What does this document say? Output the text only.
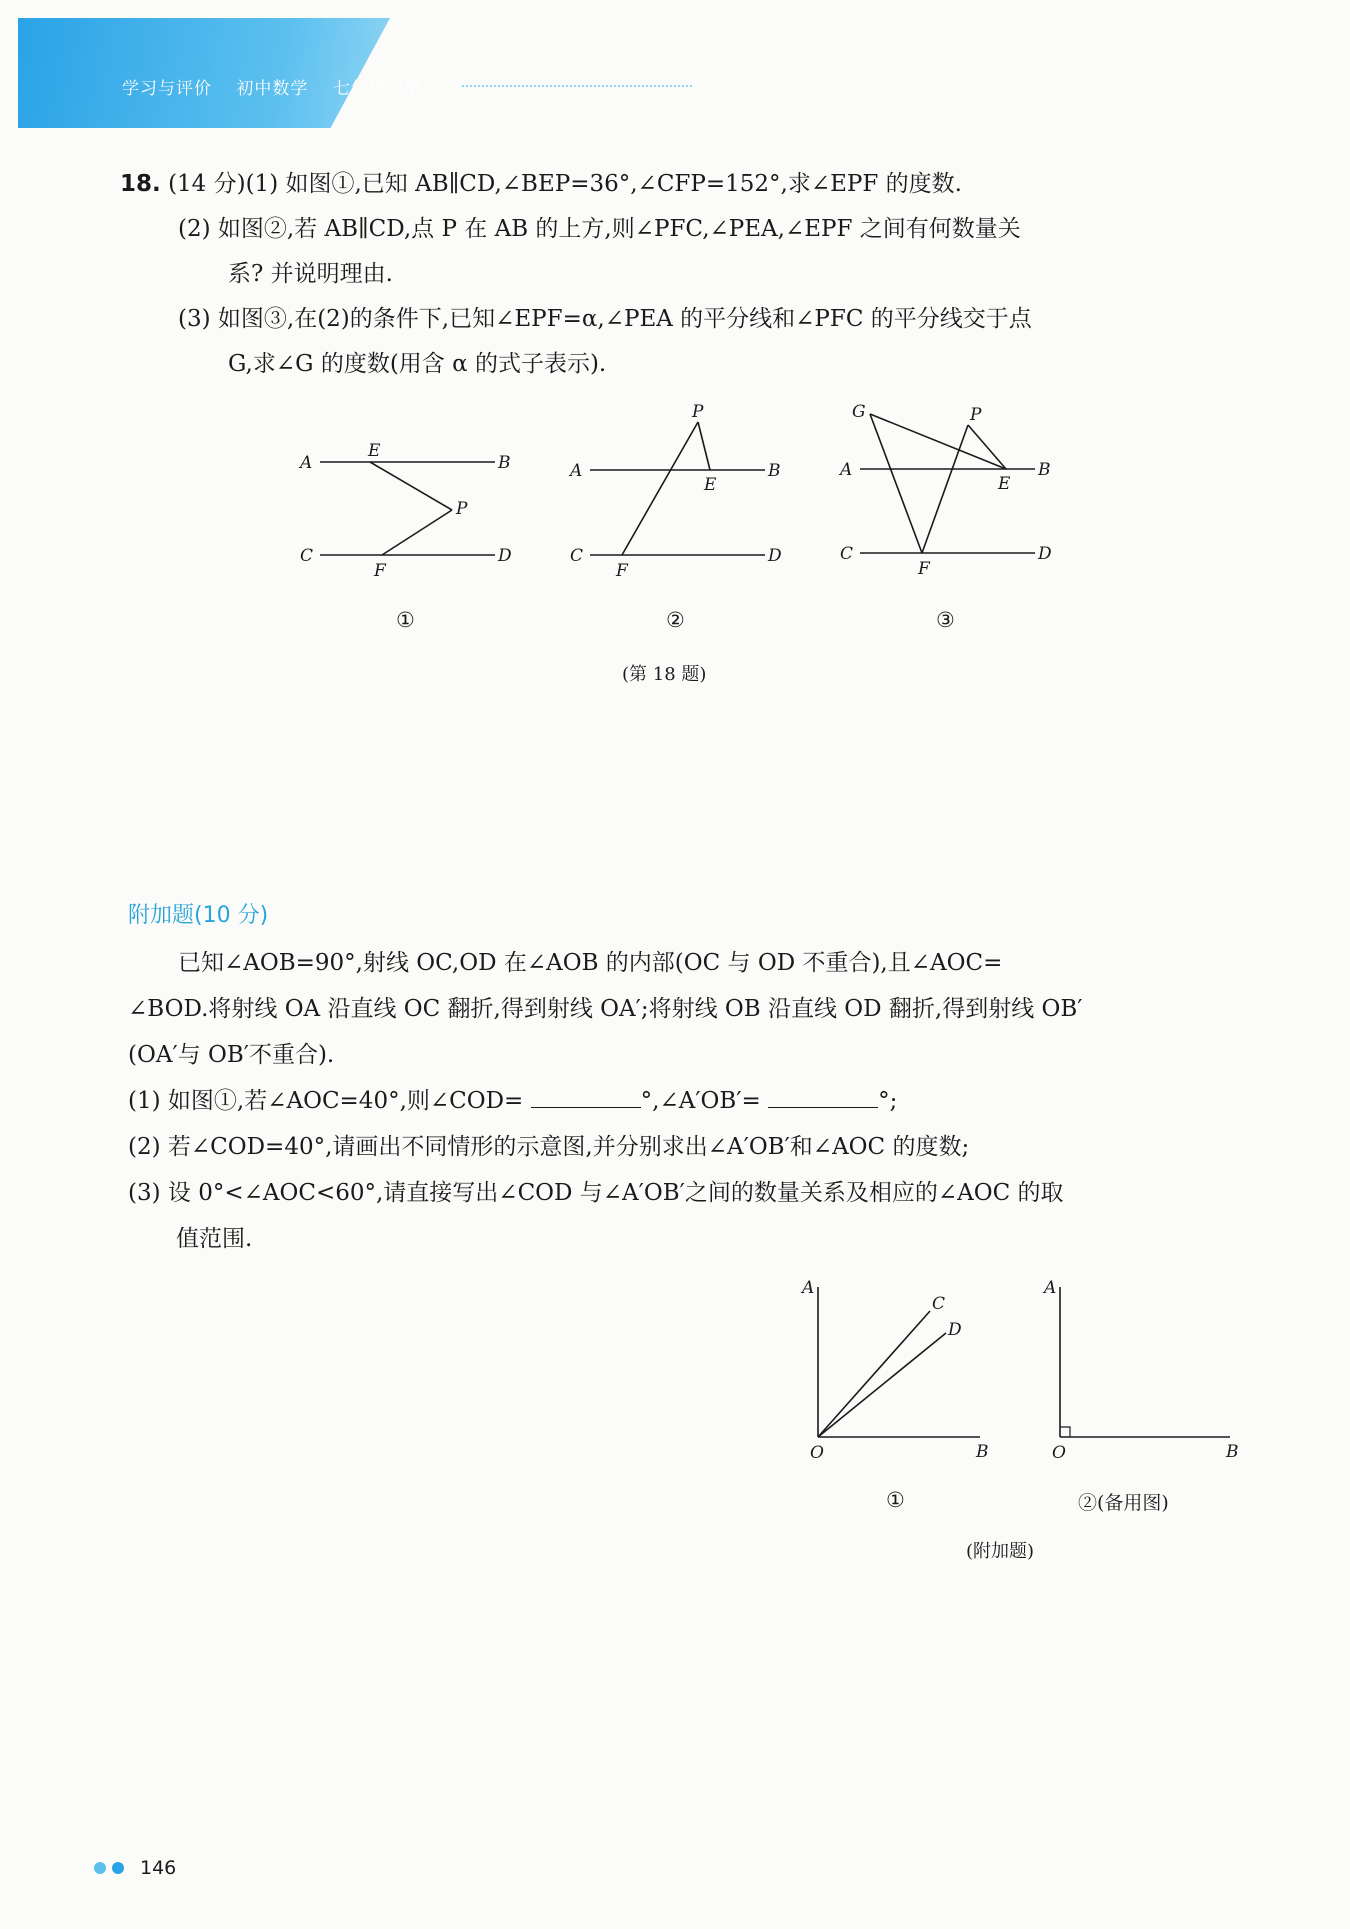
学习与评价 初中数学 七年级上册
18. (14 分)(1) 如图①,已知 AB∥CD,∠BEP=36°,∠CFP=152°,求∠EPF 的度数.
(2) 如图②,若 AB∥CD,点 P 在 AB 的上方,则∠PFC,∠PEA,∠EPF 之间有何数量关
系? 并说明理由.
(3) 如图③,在(2)的条件下,已知∠EPF=α,∠PEA 的平分线和∠PFC 的平分线交于点
G,求∠G 的度数(用含 α 的式子表示).
A	B
C	D
E
F
P
A	B
C	D
E
F
P
A	B
C	D
E
F
P
G
①	②	③
(第 18 题)
附加题(10 分)
已知∠AOB=90°,射线 OC,OD 在∠AOB 的内部(OC 与 OD 不重合),且∠AOC=
∠BOD.将射线 OA 沿直线 OC 翻折,得到射线 OA′;将射线 OB 沿直线 OD 翻折,得到射线 OB′
(OA′与 OB′不重合).
(1) 如图①,若∠AOC=40°,则∠COD=	°,∠A′OB′=	°;
(2) 若∠COD=40°,请画出不同情形的示意图,并分别求出∠A′OB′和∠AOC 的度数;
(3) 设 0°<∠AOC<60°,请直接写出∠COD 与∠A′OB′之间的数量关系及相应的∠AOC 的取
值范围.
A
B
C
D
O
A
B
O
①	②(备用图)
(附加题)
146
